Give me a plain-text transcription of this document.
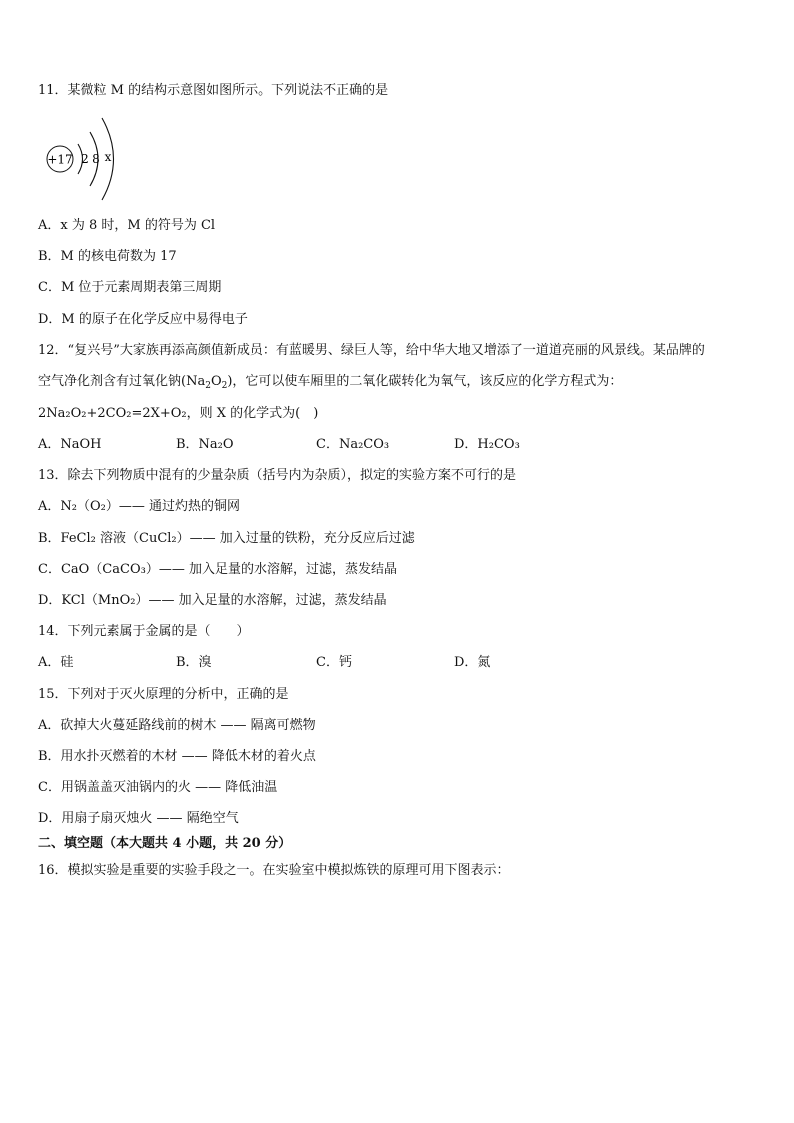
11．某微粒 M 的结构示意图如图所示。下列说法不正确的是
+17 2 8 x
A．x 为 8 时，M 的符号为 Cl
B．M 的核电荷数为 17
C．M 位于元素周期表第三周期
D．M 的原子在化学反应中易得电子
12．“复兴号”大家族再添高颜值新成员：有蓝暖男、绿巨人等，给中华大地又增添了一道道亮丽的风景线。某品牌的
空气净化剂含有过氧化钠$(Na_2O_2)$，它可以使车厢里的二氧化碳转化为氧气，该反应的化学方程式为：
2Na₂O₂+2CO₂=2X+O₂，则 X 的化学式为(　)
A．NaOH	B．Na₂O	C．Na₂CO₃	D．H₂CO₃
13．除去下列物质中混有的少量杂质（括号内为杂质），拟定的实验方案不可行的是
A．N₂（O₂）—— 通过灼热的铜网
B．FeCl₂ 溶液（CuCl₂）—— 加入过量的铁粉，充分反应后过滤
C．CaO（CaCO₃）—— 加入足量的水溶解，过滤，蒸发结晶
D．KCl（MnO₂）—— 加入足量的水溶解，过滤，蒸发结晶
14．下列元素属于金属的是（　　）
A．硅	B．溴	C．钙	D．氮
15．下列对于灭火原理的分析中，正确的是
A．砍掉大火蔓延路线前的树木 —— 隔离可燃物
B．用水扑灭燃着的木材 —— 降低木材的着火点
C．用锅盖盖灭油锅内的火 —— 降低油温
D．用扇子扇灭烛火 —— 隔绝空气
二、填空题（本大题共 4 小题，共 20 分）
16．模拟实验是重要的实验手段之一。在实验室中模拟炼铁的原理可用下图表示：
